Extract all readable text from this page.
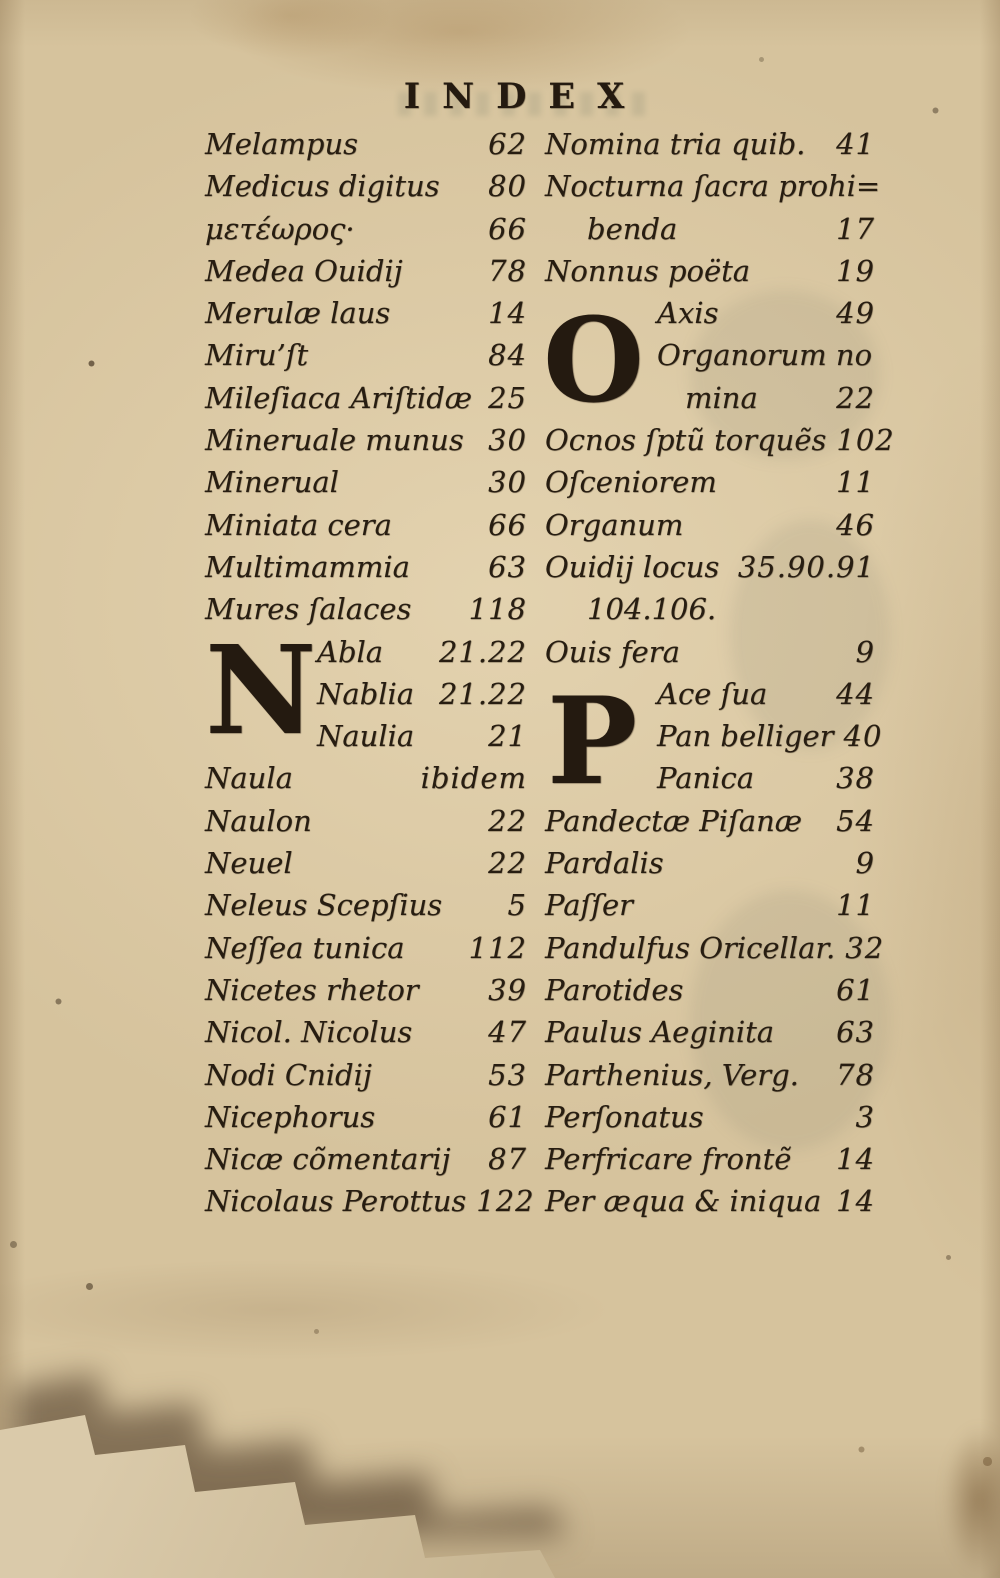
INDEX
Melampus	62
Medicus digitus 80
μετέωρος·	66
Medea Ouidij	78
Merulæ laus	14
Miru’ſt	84
Mileſiaca Ariſtidæ 25
Mineruale munus 30
Minerual	30
Miniata cera	66
Multimammia	63
Mures ſalaces 118
N Abla 21.22
Nablia 21.22
Naulia	21
Naula	ibidem
Naulon	22
Neuel	22
Neleus Scepſius 5
Neſſea tunica 112
Nicetes rhetor 39
Nicol. Nicolus	47
Nodi Cnidij	53
Nicephorus	61
Nicæ cõmentarij 87
Nicolaus Perottus 122
Nomina tria quib. 41
Nocturna ſacra prohi=
benda	17
Nonnus poëta	19
O Axis	49
Organorum no
mina	22
Ocnos ſptũ torquẽs 102
Oſceniorem	11
Organum	46
Ouidij locus 35.90.91
104.106.
Ouis fera	9
P Ace ſua 44
Pan belliger 40
Panica	38
Pandectæ Piſanæ 54
Pardalis	9
Paſſer	11
Pandulfus Oricellar. 32
Parotides	61
Paulus Aeginita 63
Parthenius, Verg. 78
Perſonatus	3
Perfricare frontẽ 14
Per æqua & iniqua 14
